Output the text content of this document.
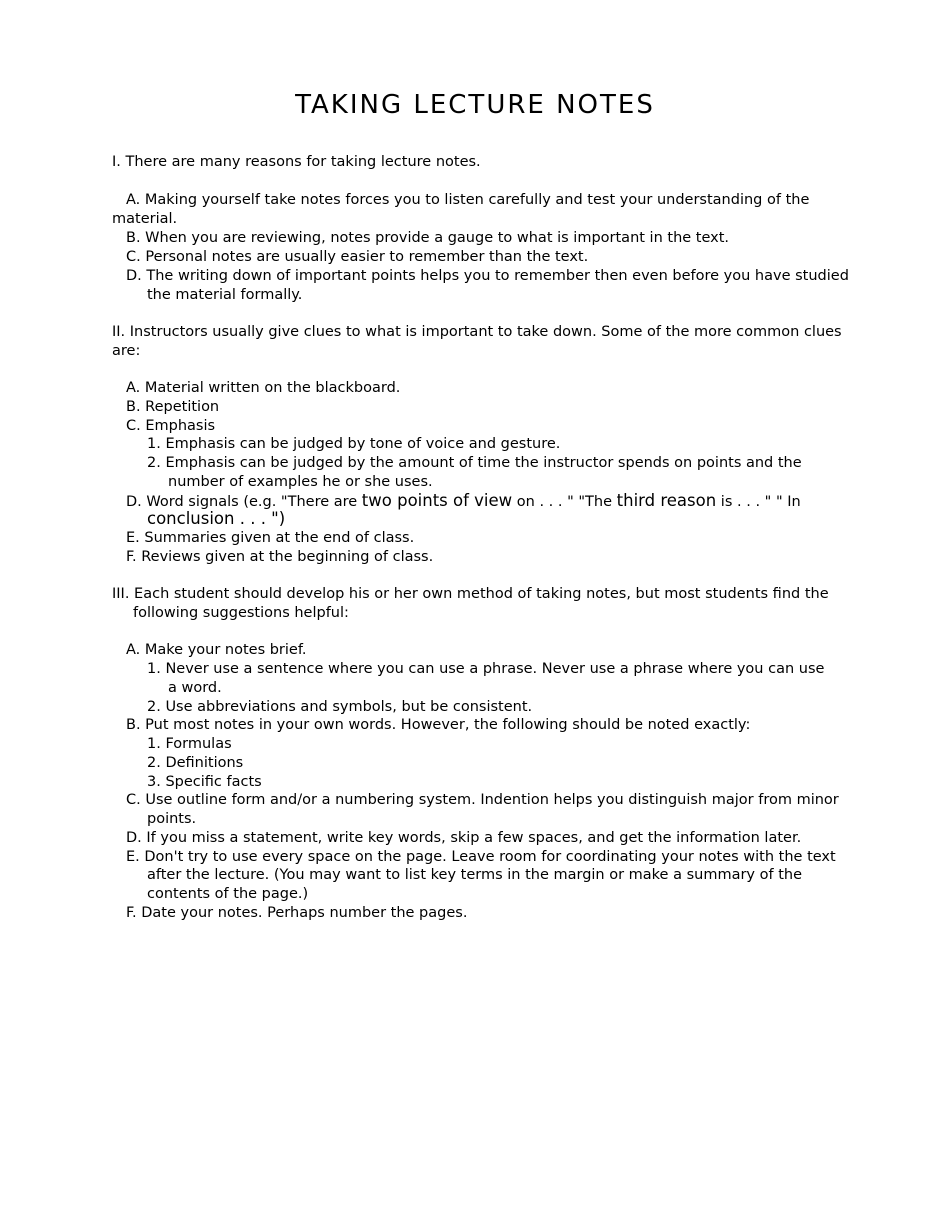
TAKING LECTURE NOTES
I. There are many reasons for taking lecture notes.
A. Making yourself take notes forces you to listen carefully and test your understanding of the
material.
B. When you are reviewing, notes provide a gauge to what is important in the text.
C. Personal notes are usually easier to remember than the text.
D. The writing down of important points helps you to remember then even before you have studied
the material formally.
II. Instructors usually give clues to what is important to take down. Some of the more common clues
are:
A. Material written on the blackboard.
B. Repetition
C. Emphasis
1. Emphasis can be judged by tone of voice and gesture.
2. Emphasis can be judged by the amount of time the instructor spends on points and the
number of examples he or she uses.
D. Word signals (e.g. "There are two points of view on . . . " "The third reason is . . . " " In
conclusion . . . ")
E. Summaries given at the end of class.
F. Reviews given at the beginning of class.
III. Each student should develop his or her own method of taking notes, but most students find the
following suggestions helpful:
A. Make your notes brief.
1. Never use a sentence where you can use a phrase. Never use a phrase where you can use
a word.
2. Use abbreviations and symbols, but be consistent.
B. Put most notes in your own words. However, the following should be noted exactly:
1. Formulas
2. Definitions
3. Specific facts
C. Use outline form and/or a numbering system. Indention helps you distinguish major from minor
points.
D. If you miss a statement, write key words, skip a few spaces, and get the information later.
E. Don't try to use every space on the page. Leave room for coordinating your notes with the text
after the lecture. (You may want to list key terms in the margin or make a summary of the
contents of the page.)
F. Date your notes. Perhaps number the pages.
